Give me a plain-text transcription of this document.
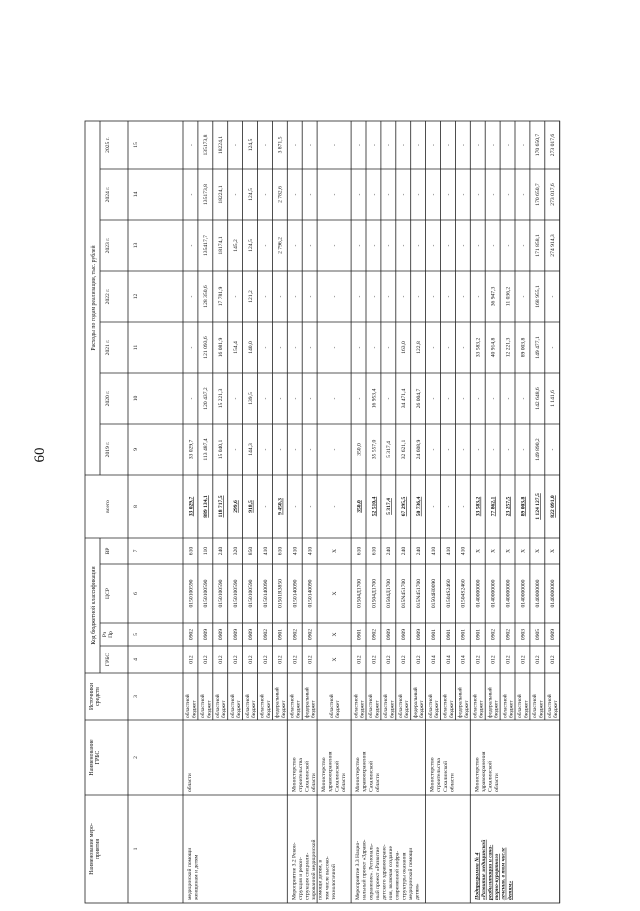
60
Наименование меро- приятия
Наименование ГРБС
Источники средств
Код бюджетной классификации
ГРБС
Рз Пр
ЦСР
ВР
Расходы по годам реализации, тыс. рублей
всего
2019 г.
2020 г.
2021 г.
2022 г.
2023 г.
2024 г.
2025 г.
1
2
3
4
5
6
7
8
9
10
11
12
13
14
15
медицинской помощи женщинам и детям
области
областной бюджет
012
0902
0150100590
610
33 029,7
33 029,7
-
-
-
-
-
-
областной бюджет
012
0909
0150100590
110
889 134,1
113 487,4
120 437,2
121 093,6
128 350,6
135417,7
135173,8
135173,8
областной бюджет
012
0909
0150100590
240
118 717,5
15 040,1
15 221,3
16 081,9
17 781,9
18174,1
18224,1
18224,1
областной бюджет
012
0909
0150100590
320
299,6
-
-
154,4
-
145,2
-
-
областной бюджет
012
0909
0150100590
850
918,5
144,3
139,5
140,0
121,2
124,5
124,5
124,5
областной бюджет
012
0902
0150140090
410
-
-
-
-
-
-
-
-
федеральный бюджет
012
0901
01501R3850
610
9 450,3
-
-
-
-
2 796,2
2 782,6
3 871,5
Мероприятие 3.2 Рекон- струкция и рекон- струкция специали- зированной медицинской помощи детям, в том числе высоко- технологичной
Министерство строительства Сахалинской области
областной бюджет
012
0902
0150140090
410
-
-
-
-
-
-
-
-
федеральный бюджет
012
0902
0150140090
410
-
-
-
-
-
-
-
-
Министерство здравоохранения Сахалинской области
областной бюджет
X
X
X
X
-
-
-
-
-
-
-
-
Мероприятие 3.3 Нацио- нальный проект «Здраво- охранение». Региональ- ный проект «Развитие детского здравоохране- ния, включая создание современной инфра- структуры оказания медицинской помощи детям»
Министерство здравоохранения Сахалинской области
областной бюджет
012
0901
01504Д1700
610
350,0
350,0
-
-
-
-
-
-
областной бюджет
012
0902
01504Д1700
610
52 510,4
35 557,0
16 953,4
-
-
-
-
-
областной бюджет
012
0909
01504Д1700
240
5 317,4
5 317,4
-
-
-
-
-
-
областной бюджет
012
0909
015N451700
240
67 295,5
32 621,1
34 471,4
163,0
-
-
-
-
федеральный бюджет
012
0909
015N451700
240
50 736,4
24 608,9
26 004,7
122,8
-
-
-
-
Министерство строительства Сахалинской области
областной бюджет
014
0901
01504Н0090
410
-
-
-
-
-
-
-
-
областной бюджет
014
0901
01504S2460
410
-
-
-
-
-
-
-
-
федеральный бюджет
014
0901
01504S2460
410
-
-
-
-
-
-
-
-
Подпрограмма № 4 «Развитие медицинской реабилитации и сана- торно-курортного лечения, в том числе детям»
Министерство здравоохранения Сахалинской области
областной бюджет
012
0901
0140000000
X
33 583,2
-
-
33 583,2
-
-
-
-
федеральный бюджет
012
0902
0140000000
X
77 862,1
-
-
40 914,8
36 947,3
-
-
-
областной бюджет
012
0902
0140000000
X
23 257,5
-
-
12 221,3
11 036,2
-
-
-
областной бюджет
012
0903
0140000000
X
89 003,8
-
-
89 003,8
-
-
-
-
областной бюджет
012
0905
0140000000
X
1 124 127,5
149 890,2
142 648,6
149 477,1
168 955,1
171 858,1
170 650,7
170 650,7
областной бюджет
012
0909
0140000000
X
822 091,0
-
1 141,6
-
-
274 914,3
273 017,6
273 017,6
